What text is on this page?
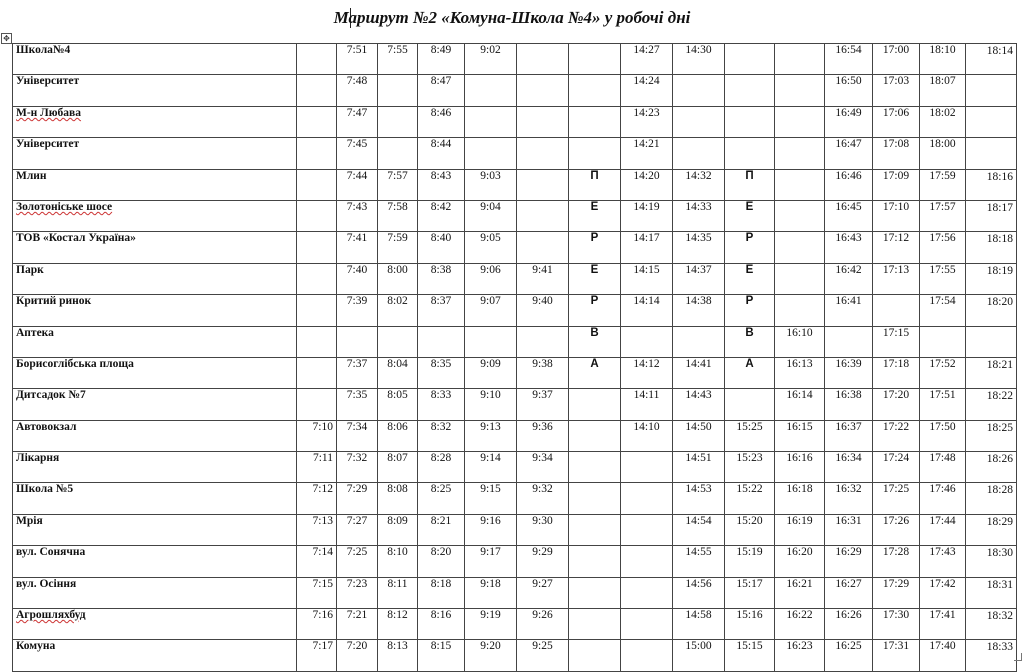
Маршрут №2 «Комуна-Школа №4» у робочі дні
✥
Школа№4		7:51	7:55	8:49	9:02			14:27	14:30			16:54	17:00	18:10	18:14
Університет		7:48		8:47				14:24				16:50	17:03	18:07	
М-н Любава		7:47		8:46				14:23				16:49	17:06	18:02	
Університет		7:45		8:44				14:21				16:47	17:08	18:00	
Млин		7:44	7:57	8:43	9:03		П	14:20	14:32	П		16:46	17:09	17:59	18:16
Золотоніське шосе		7:43	7:58	8:42	9:04		Е	14:19	14:33	Е		16:45	17:10	17:57	18:17
ТОВ «Костал Україна»		7:41	7:59	8:40	9:05		Р	14:17	14:35	Р		16:43	17:12	17:56	18:18
Парк		7:40	8:00	8:38	9:06	9:41	Е	14:15	14:37	Е		16:42	17:13	17:55	18:19
Критий ринок		7:39	8:02	8:37	9:07	9:40	Р	14:14	14:38	Р		16:41		17:54	18:20
Аптека							В			В	16:10		17:15		
Борисоглібська площа		7:37	8:04	8:35	9:09	9:38	А	14:12	14:41	А	16:13	16:39	17:18	17:52	18:21
Дитсадок №7		7:35	8:05	8:33	9:10	9:37		14:11	14:43		16:14	16:38	17:20	17:51	18:22
Автовокзал	7:10	7:34	8:06	8:32	9:13	9:36		14:10	14:50	15:25	16:15	16:37	17:22	17:50	18:25
Лікарня	7:11	7:32	8:07	8:28	9:14	9:34			14:51	15:23	16:16	16:34	17:24	17:48	18:26
Школа №5	7:12	7:29	8:08	8:25	9:15	9:32			14:53	15:22	16:18	16:32	17:25	17:46	18:28
Мрія	7:13	7:27	8:09	8:21	9:16	9:30			14:54	15:20	16:19	16:31	17:26	17:44	18:29
вул. Сонячна	7:14	7:25	8:10	8:20	9:17	9:29			14:55	15:19	16:20	16:29	17:28	17:43	18:30
вул. Осіння	7:15	7:23	8:11	8:18	9:18	9:27			14:56	15:17	16:21	16:27	17:29	17:42	18:31
Агрошляхбуд	7:16	7:21	8:12	8:16	9:19	9:26			14:58	15:16	16:22	16:26	17:30	17:41	18:32
Комуна	7:17	7:20	8:13	8:15	9:20	9:25			15:00	15:15	16:23	16:25	17:31	17:40	18:33
